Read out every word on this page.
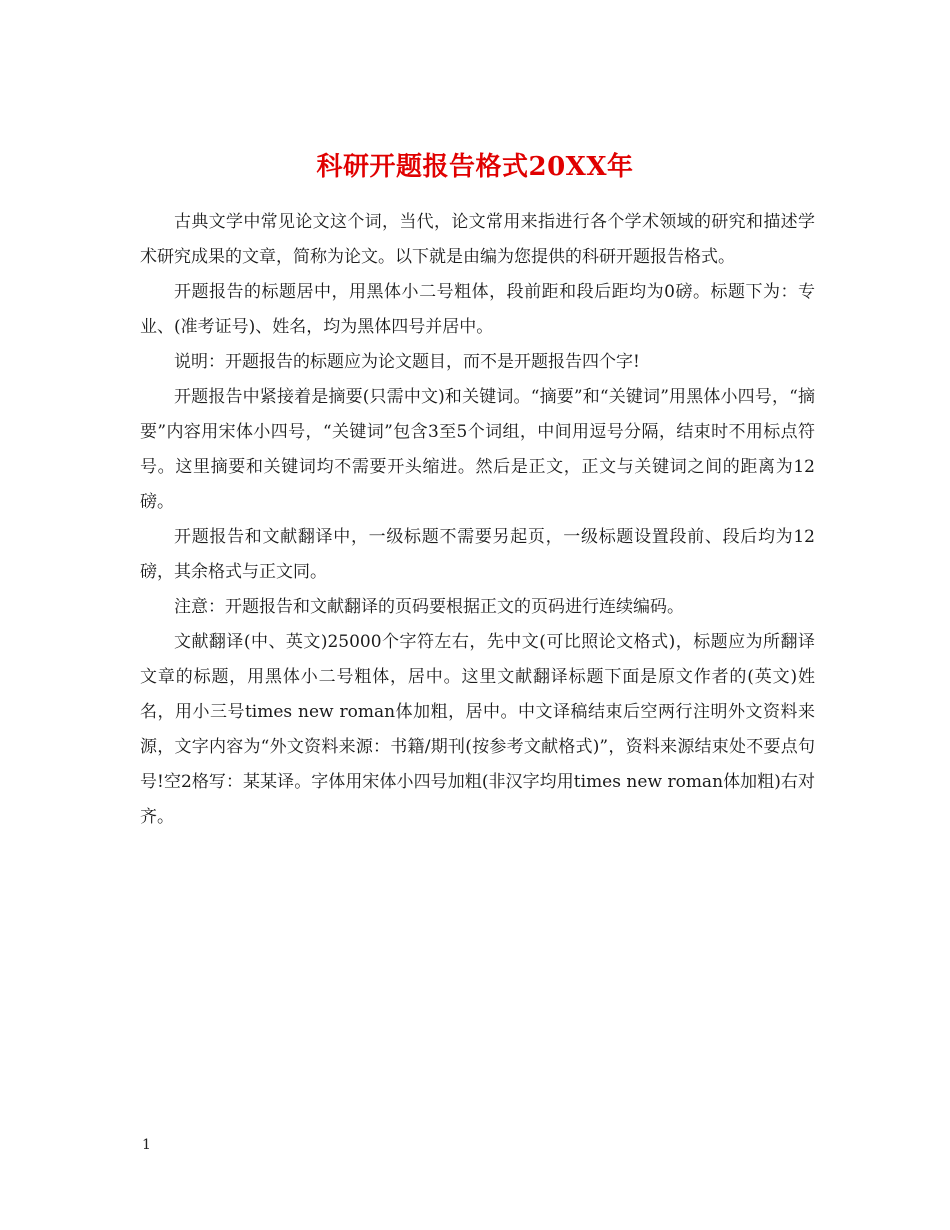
科研开题报告格式20XX年

古典文学中常见论文这个词，当代，论文常用来指进行各个学术领域的研究和描述学术研究成果的文章，简称为论文。以下就是由编为您提供的科研开题报告格式。

开题报告的标题居中，用黑体小二号粗体，段前距和段后距均为0磅。标题下为：专业、(准考证号)、姓名，均为黑体四号并居中。

说明：开题报告的标题应为论文题目，而不是开题报告四个字!

开题报告中紧接着是摘要(只需中文)和关键词。“摘要”和“关键词”用黑体小四号，“摘要”内容用宋体小四号，“关键词”包含3至5个词组，中间用逗号分隔，结束时不用标点符号。这里摘要和关键词均不需要开头缩进。然后是正文，正文与关键词之间的距离为12磅。

开题报告和文献翻译中，一级标题不需要另起页，一级标题设置段前、段后均为12磅，其余格式与正文同。

注意：开题报告和文献翻译的页码要根据正文的页码进行连续编码。

文献翻译(中、英文)25000个字符左右，先中文(可比照论文格式)，标题应为所翻译文章的标题，用黑体小二号粗体，居中。这里文献翻译标题下面是原文作者的(英文)姓名，用小三号times new roman体加粗，居中。中文译稿结束后空两行注明外文资料来源，文字内容为“外文资料来源：书籍/期刊(按参考文献格式)”，资料来源结束处不要点句号!空2格写：某某译。字体用宋体小四号加粗(非汉字均用times new roman体加粗)右对齐。

1
